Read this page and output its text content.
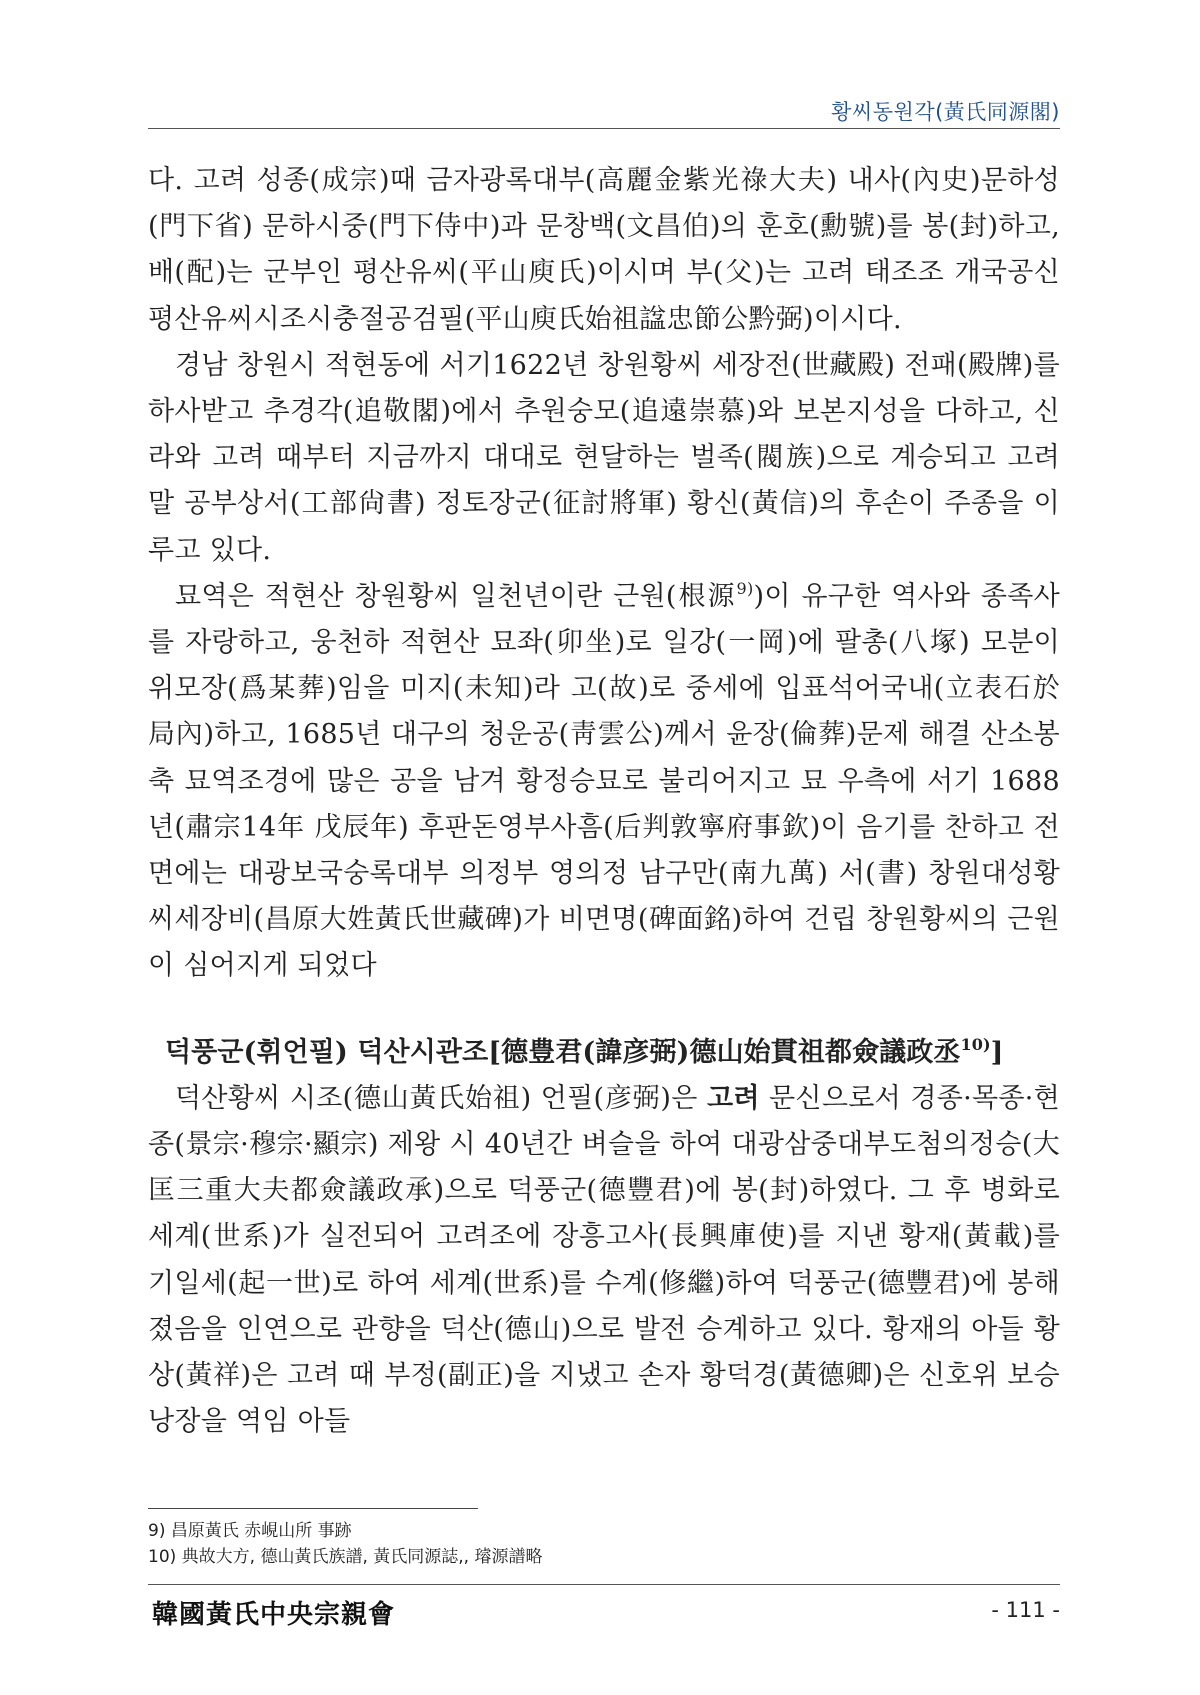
황씨동원각(黃氏同源閣)

다. 고려 성종(成宗)때 금자광록대부(高麗金紫光祿大夫) 내사(內史)문하성(門下省) 문하시중(門下侍中)과 문창백(文昌伯)의 훈호(勳號)를 봉(封)하고, 배(配)는 군부인 평산유씨(平山庾氏)이시며 부(父)는 고려 태조조 개국공신 평산유씨시조시충절공검필(平山庾氏始祖諡忠節公黔弼)이시다.

경남 창원시 적현동에 서기1622년 창원황씨 세장전(世藏殿) 전패(殿牌)를 하사받고 추경각(追敬閣)에서 추원숭모(追遠崇慕)와 보본지성을 다하고, 신라와 고려 때부터 지금까지 대대로 현달하는 벌족(閥族)으로 계승되고 고려말 공부상서(工部尙書) 정토장군(征討將軍) 황신(黃信)의 후손이 주종을 이루고 있다.

묘역은 적현산 창원황씨 일천년이란 근원(根源$^{9)}$)이 유구한 역사와 종족사를 자랑하고, 웅천하 적현산 묘좌(卯坐)로 일강(一岡)에 팔총(八塚) 모분이 위모장(爲某葬)임을 미지(未知)라 고(故)로 중세에 입표석어국내(立表石於局內)하고, 1685년 대구의 청운공(靑雲公)께서 윤장(倫葬)문제 해결 산소봉축 묘역조경에 많은 공을 남겨 황정승묘로 불리어지고 묘 우측에 서기 1688년(肅宗14年 戊辰年) 후판돈영부사흠(后判敦寧府事欽)이 음기를 찬하고 전면에는 대광보국숭록대부 의정부 영의정 남구만(南九萬) 서(書) 창원대성황씨세장비(昌原大姓黃氏世藏碑)가 비면명(碑面銘)하여 건립 창원황씨의 근원이 심어지게 되었다

덕풍군(휘언필) 덕산시관조[德豊君(諱彦弼)德山始貫祖都僉議政丞$^{10)}$]

덕산황씨 시조(德山黃氏始祖) 언필(彦弼)은 고려 문신으로서 경종·목종·현종(景宗·穆宗·顯宗) 제왕 시 40년간 벼슬을 하여 대광삼중대부도첨의정승(大匡三重大夫都僉議政承)으로 덕풍군(德豐君)에 봉(封)하였다. 그 후 병화로 세계(世系)가 실전되어 고려조에 장흥고사(長興庫使)를 지낸 황재(黃載)를 기일세(起一世)로 하여 세계(世系)를 수계(修繼)하여 덕풍군(德豐君)에 봉해졌음을 인연으로 관향을 덕산(德山)으로 발전 승계하고 있다. 황재의 아들 황상(黃祥)은 고려 때 부정(副正)을 지냈고 손자 황덕경(黃德卿)은 신호위 보승 낭장을 역임 아들

9) 昌原黃氏 赤峴山所 事跡
10) 典故大方, 德山黃氏族譜, 黃氏同源誌,, 璿源譜略
韓國黃氏中央宗親會	- 111 -
